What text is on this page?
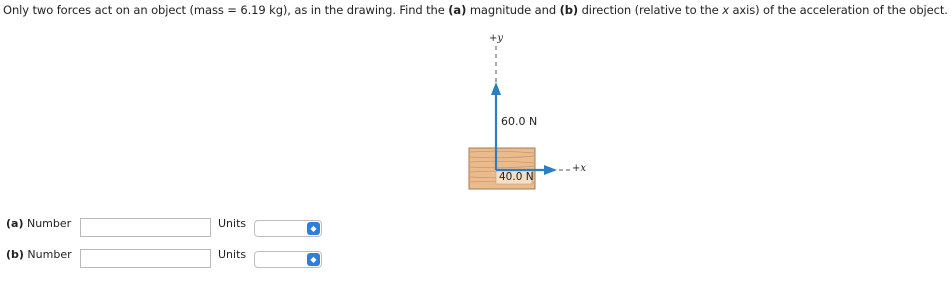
Only two forces act on an object (mass = 6.19 kg), as in the drawing. Find the (a) magnitude and (b) direction (relative to the x axis) of the acceleration of the object.
+y
+x
60.0 N
40.0 N
(a) Number	Units	◆
(b) Number	Units	◆
